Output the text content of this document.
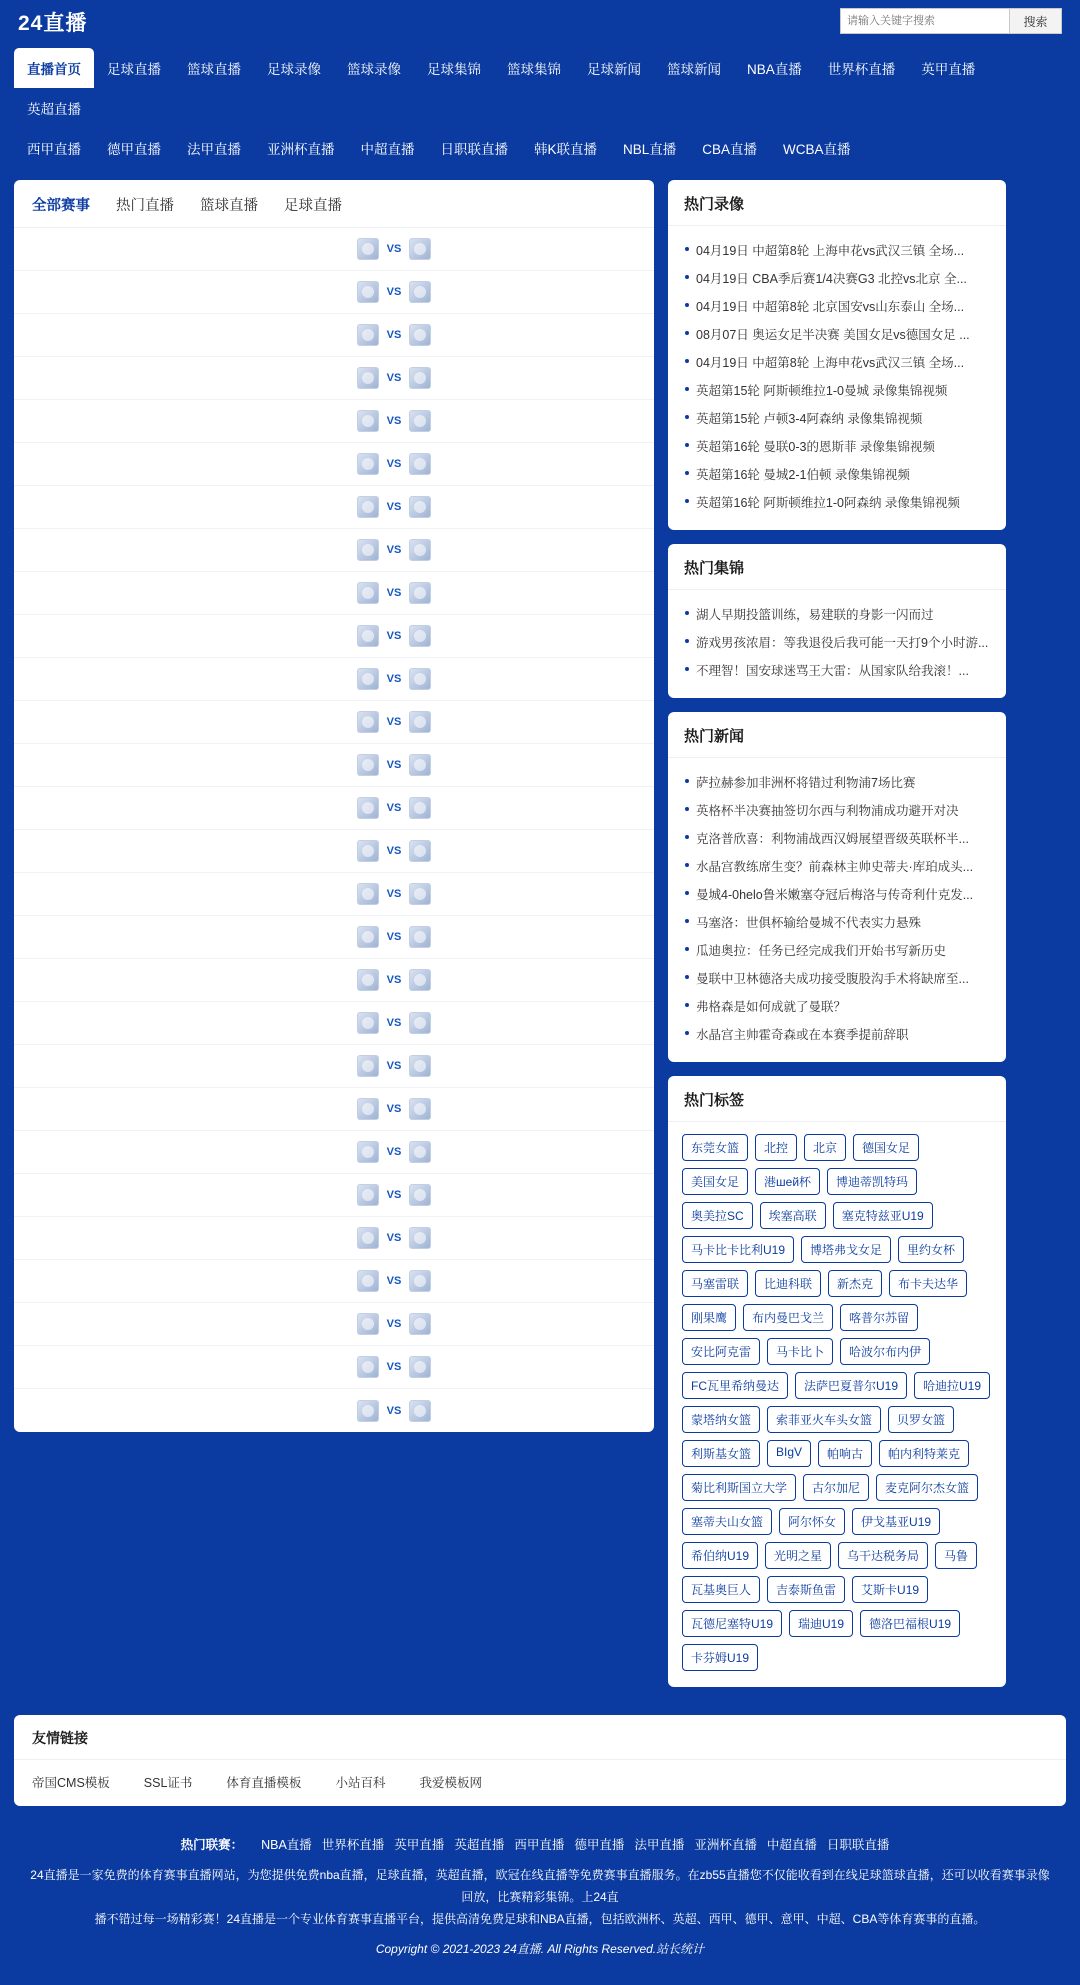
24直播
请输入关键字搜索	搜索
直播首页	足球直播	篮球直播	足球录像	篮球录像	足球集锦	篮球集锦	足球新闻	篮球新闻	NBA直播	世界杯直播	英甲直播
英超直播
西甲直播	德甲直播	法甲直播	亚洲杯直播	中超直播	日职联直播	韩K联直播	NBL直播	CBA直播	WCBA直播
全部赛事 热门直播 篮球直播 足球直播
VS
VS
VS
VS
VS
VS
VS
VS
VS
VS
VS
VS
VS
VS
VS
VS
VS
VS
VS
VS
VS
VS
VS
VS
VS
VS
VS
VS
热门录像
04月19日 中超第8轮 上海申花vs武汉三镇 全场...
04月19日 CBA季后赛1/4决赛G3 北控vs北京 全...
04月19日 中超第8轮 北京国安vs山东泰山 全场...
08月07日 奥运女足半决赛 美国女足vs德国女足 ...
04月19日 中超第8轮 上海申花vs武汉三镇 全场...
英超第15轮 阿斯顿维拉1-0曼城 录像集锦视频
英超第15轮 卢顿3-4阿森纳 录像集锦视频
英超第16轮 曼联0-3的恩斯菲 录像集锦视频
英超第16轮 曼城2-1伯顿 录像集锦视频
英超第16轮 阿斯顿维拉1-0阿森纳 录像集锦视频
热门集锦
湖人早期投篮训练，易建联的身影一闪而过
游戏男孩浓眉：等我退役后我可能一天打9个小时游...
不理智！国安球迷骂王大雷：从国家队给我滚！...
热门新闻
萨拉赫参加非洲杯将错过利物浦7场比赛
英格杯半决赛抽签切尔西与利物浦成功避开对决
克洛普欣喜：利物浦战西汉姆展望晋级英联杯半...
水晶宫教练席生变？前森林主帅史蒂夫·库珀成头...
曼城4-0helo鲁米嫩塞夺冠后梅洛与传奇利什克发...
马塞洛：世俱杯输给曼城不代表实力悬殊
瓜迪奥拉：任务已经完成我们开始书写新历史
曼联中卫林德洛夫成功接受腹股沟手术将缺席至...
弗格森是如何成就了曼联？
水晶宫主帅霍奇森或在本赛季提前辞职
热门标签
东莞女篮	北控	北京	德国女足
美国女足	港шей杯	博迪蒂凯特玛
奥美拉SC	埃塞高联	塞克特兹亚U19
马卡比卡比利U19	博塔弗戈女足	里约女杯
马塞雷联	比迪科联	新杰克	布卡夫达华
刚果鹰	布内曼巴戈兰	喀普尔苏留
安比阿克雷	马卡比卜	哈波尔布内伊
FC瓦里希纳曼达	法萨巴夏普尔U19	哈迪拉U19
蒙塔纳女篮	索菲亚火车头女篮	贝罗女篮
利斯基女篮	BIgV	帕响古	帕内利特莱克
菊比利斯国立大学	古尔加尼	麦克阿尔杰女篮
塞蒂夫山女篮	阿尔怀女	伊戈基亚U19
希伯纳U19	光明之星	乌干达税务局	马鲁
瓦基奥巨人	吉泰斯鱼雷	艾斯卡U19
瓦德尼塞特U19	瑞迪U19	德洛巴福根U19
卡芬姆U19
友情链接
帝国CMS模板	SSL证书	体育直播模板	小站百科	我爱模板网
热门联赛： NBA直播 世界杯直播 英甲直播 英超直播 西甲直播 德甲直播 法甲直播 亚洲杯直播 中超直播 日职联直播
24直播是一家免费的体育赛事直播网站，为您提供免费nba直播，足球直播，英超直播，欧冠在线直播等免费赛事直播服务。在zb55直播您不仅能收看到在线足球篮球直播，还可以收看赛事录像回放，比赛精彩集锦。上24直
播不错过每一场精彩赛！24直播是一个专业体育赛事直播平台，提供高清免费足球和NBA直播，包括欧洲杯、英超、西甲、德甲、意甲、中超、CBA等体育赛事的直播。
Copyright © 2021-2023 24直播. All Rights Reserved.站长统计
